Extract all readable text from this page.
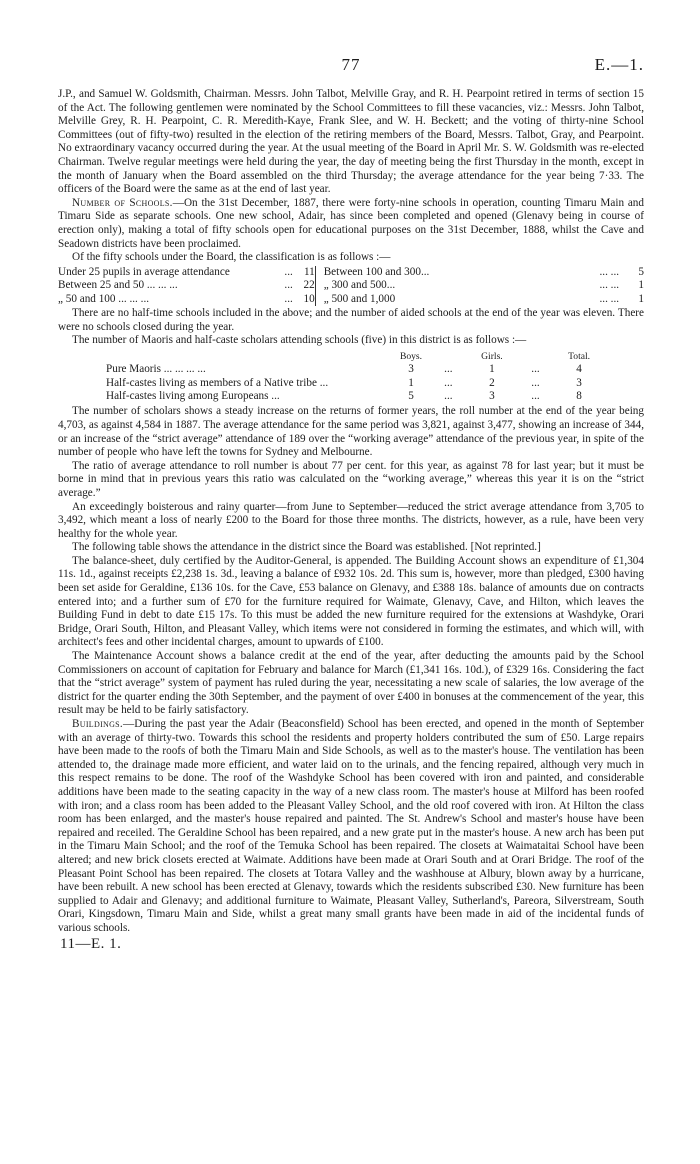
77	E.—1.

J.P., and Samuel W. Goldsmith, Chairman. Messrs. John Talbot, Melville Gray, and R. H. Pearpoint retired in terms of section 15 of the Act. The following gentlemen were nominated by the School Committees to fill these vacancies, viz.: Messrs. John Talbot, Melville Grey, R. H. Pearpoint, C. R. Meredith-Kaye, Frank Slee, and W. H. Beckett; and the voting of thirty-nine School Committees (out of fifty-two) resulted in the election of the retiring members of the Board, Messrs. Talbot, Gray, and Pearpoint. No extraordinary vacancy occurred during the year. At the usual meeting of the Board in April Mr. S. W. Goldsmith was re-elected Chairman. Twelve regular meetings were held during the year, the day of meeting being the first Thursday in the month, except in the month of January when the Board assembled on the third Thursday; the average attendance for the year being 7·33. The officers of the Board were the same as at the end of last year.

Number of Schools.—On the 31st December, 1887, there were forty-nine schools in operation, counting Timaru Main and Timaru Side as separate schools. One new school, Adair, has since been completed and opened (Glenavy being in course of erection only), making a total of fifty schools open for educational purposes on the 31st December, 1888, whilst the Cave and Seadown districts have been proclaimed.

Of the fifty schools under the Board, the classification is as follows :—

Under 25 pupils in average attendance	...	11		Between 100 and 300...	... ...	5
Between 25 and 50 ... ... ...	...	22		„ 300 and 500...	... ...	1
„ 50 and 100 ... ... ...	...	10		„ 500 and 1,000	... ...	1

There are no half-time schools included in the above; and the number of aided schools at the end of the year was eleven. There were no schools closed during the year.

The number of Maoris and half-caste scholars attending schools (five) in this district is as follows :—

		Boys.		Girls.		Total.
Pure Maoris ... ... ... ...		3	...	1	...	4
Half-castes living as members of a Native tribe ...		1	...	2	...	3
Half-castes living among Europeans ...		5	...	3	...	8

The number of scholars shows a steady increase on the returns of former years, the roll number at the end of the year being 4,703, as against 4,584 in 1887. The average attendance for the same period was 3,821, against 3,477, showing an increase of 344, or an increase of the “strict average” attendance of 189 over the “working average” attendance of the previous year, in spite of the number of people who have left the towns for Sydney and Melbourne.

The ratio of average attendance to roll number is about 77 per cent. for this year, as against 78 for last year; but it must be borne in mind that in previous years this ratio was calculated on the “working average,” whereas this year it is on the “strict average.”

An exceedingly boisterous and rainy quarter—from June to September—reduced the strict average attendance from 3,705 to 3,492, which meant a loss of nearly £200 to the Board for those three months. The districts, however, as a rule, have been very healthy for the whole year.

The following table shows the attendance in the district since the Board was established. [Not reprinted.]

The balance-sheet, duly certified by the Auditor-General, is appended. The Building Account shows an expenditure of £1,304 11s. 1d., against receipts £2,238 1s. 3d., leaving a balance of £932 10s. 2d. This sum is, however, more than pledged, £300 having been set aside for Geraldine, £136 10s. for the Cave, £53 balance on Glenavy, and £388 18s. balance of amounts due on contracts entered into; and a further sum of £70 for the furniture required for Waimate, Glenavy, Cave, and Hilton, which leaves the Building Fund in debt to date £15 17s. To this must be added the new furniture required for the extensions at Washdyke, Orari Bridge, Orari South, Hilton, and Pleasant Valley, which items were not considered in forming the estimates, and which will, with architect's fees and other incidental charges, amount to upwards of £100.

The Maintenance Account shows a balance credit at the end of the year, after deducting the amounts paid by the School Commissioners on account of capitation for February and balance for March (£1,341 16s. 10d.), of £329 16s. Considering the fact that the “strict average” system of payment has ruled during the year, necessitating a new scale of salaries, the low average of the district for the quarter ending the 30th September, and the payment of over £400 in bonuses at the commencement of the year, this result may be held to be fairly satisfactory.

Buildings.—During the past year the Adair (Beaconsfield) School has been erected, and opened in the month of September with an average of thirty-two. Towards this school the residents and property holders contributed the sum of £50. Large repairs have been made to the roofs of both the Timaru Main and Side Schools, as well as to the master's house. The ventilation has been attended to, the drainage made more efficient, and water laid on to the urinals, and the fencing repaired, although very much in this respect remains to be done. The roof of the Washdyke School has been covered with iron and painted, and considerable additions have been made to the seating capacity in the way of a new class room. The master's house at Milford has been roofed with iron; and a class room has been added to the Pleasant Valley School, and the old roof covered with iron. At Hilton the class room has been enlarged, and the master's house repaired and painted. The St. Andrew's School and master's house have been repaired and receiled. The Geraldine School has been repaired, and a new grate put in the master's house. A new arch has been put in the Timaru Main School; and the roof of the Temuka School has been repaired. The closets at Waimataitai School have been altered; and new brick closets erected at Waimate. Additions have been made at Orari South and at Orari Bridge. The roof of the Pleasant Point School has been repaired. The closets at Totara Valley and the washhouse at Albury, blown away by a hurricane, have been rebuilt. A new school has been erected at Glenavy, towards which the residents subscribed £30. New furniture has been supplied to Adair and Glenavy; and additional furniture to Waimate, Pleasant Valley, Sutherland's, Pareora, Silverstream, South Orari, Kingsdown, Timaru Main and Side, whilst a great many small grants have been made in aid of the incidental funds of various schools.

11—E. 1.
